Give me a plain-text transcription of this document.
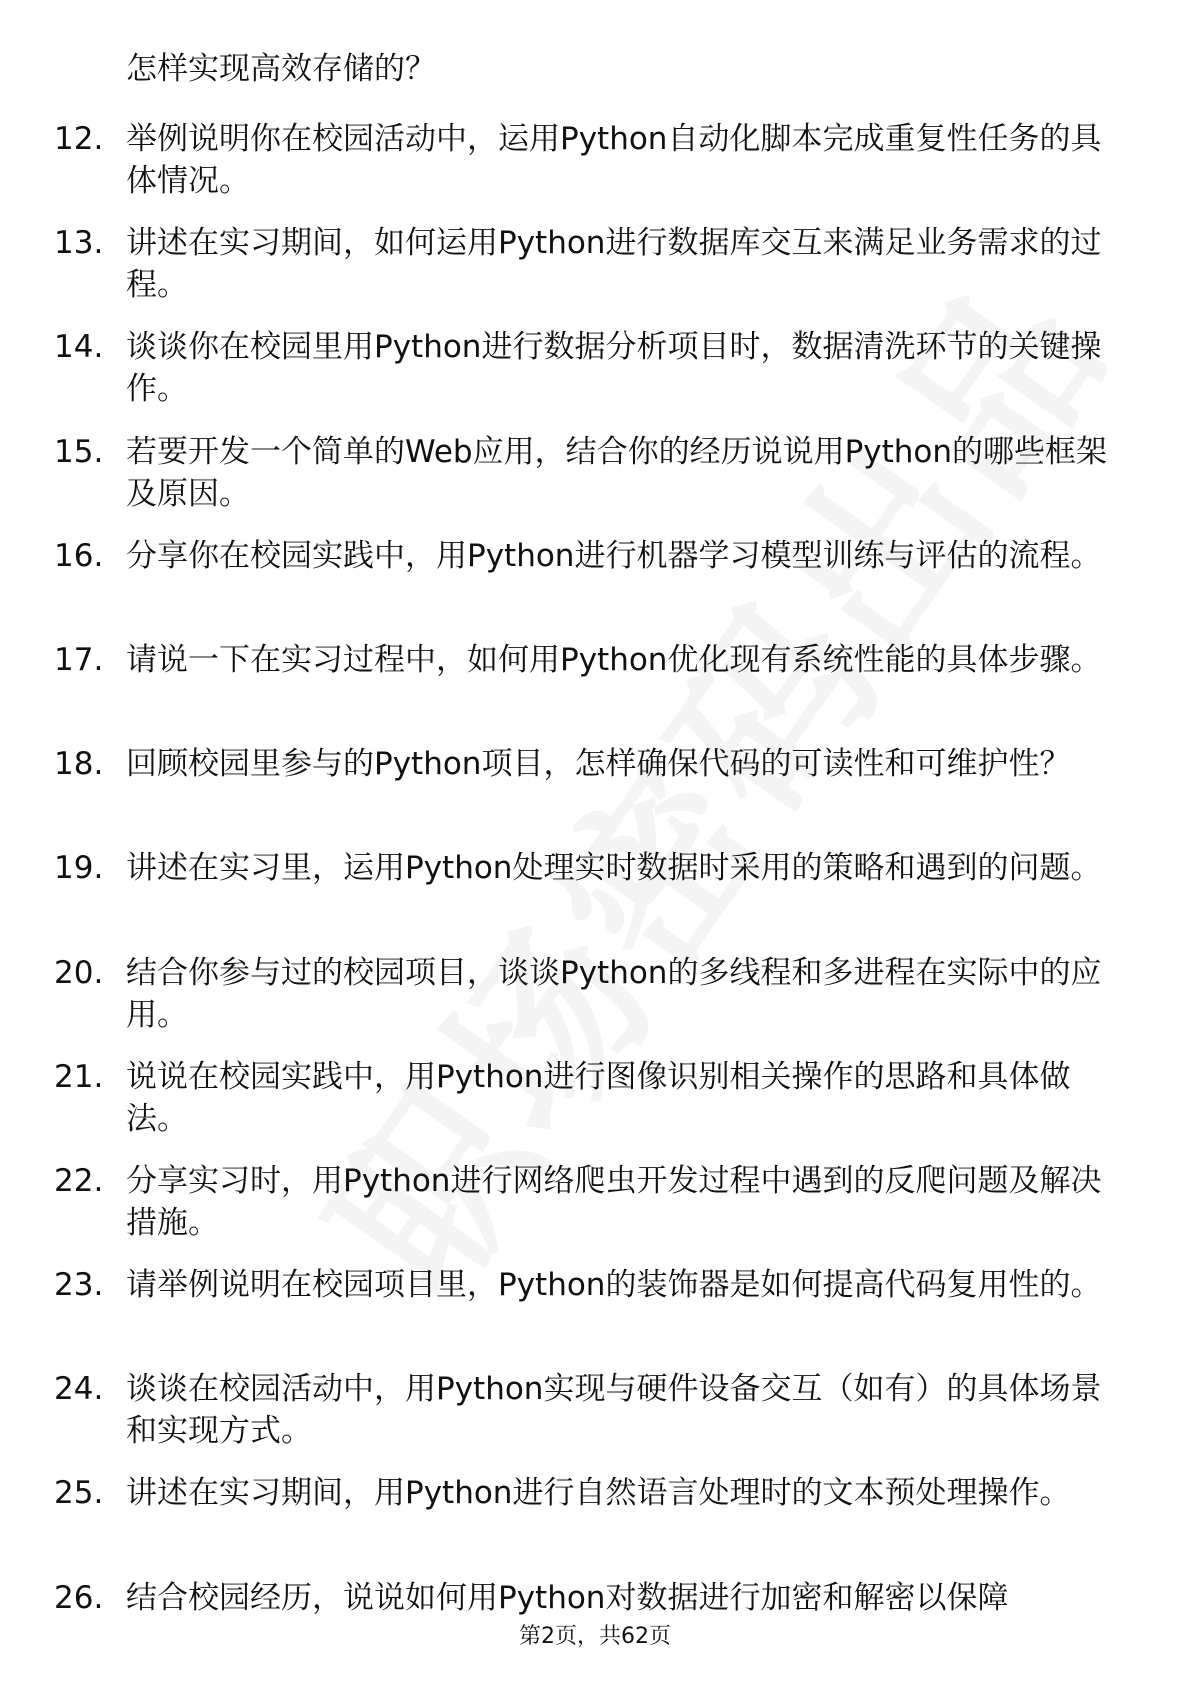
怎样实现高效存储的？
12. 举例说明你在校园活动中，运用Python自动化脚本完成重复性任务的具体情况。
13. 讲述在实习期间，如何运用Python进行数据库交互来满足业务需求的过程。
14. 谈谈你在校园里用Python进行数据分析项目时，数据清洗环节的关键操作。
15. 若要开发一个简单的Web应用，结合你的经历说说用Python的哪些框架及原因。
16. 分享你在校园实践中，用Python进行机器学习模型训练与评估的流程。
17. 请说一下在实习过程中，如何用Python优化现有系统性能的具体步骤。
18. 回顾校园里参与的Python项目，怎样确保代码的可读性和可维护性？
19. 讲述在实习里，运用Python处理实时数据时采用的策略和遇到的问题。
20. 结合你参与过的校园项目，谈谈Python的多线程和多进程在实际中的应用。
21. 说说在校园实践中，用Python进行图像识别相关操作的思路和具体做法。
22. 分享实习时，用Python进行网络爬虫开发过程中遇到的反爬问题及解决措施。
23. 请举例说明在校园项目里，Python的装饰器是如何提高代码复用性的。
24. 谈谈在校园活动中，用Python实现与硬件设备交互（如有）的具体场景和实现方式。
25. 讲述在实习期间，用Python进行自然语言处理时的文本预处理操作。
26. 结合校园经历，说说如何用Python对数据进行加密和解密以保障
第2页，共62页
